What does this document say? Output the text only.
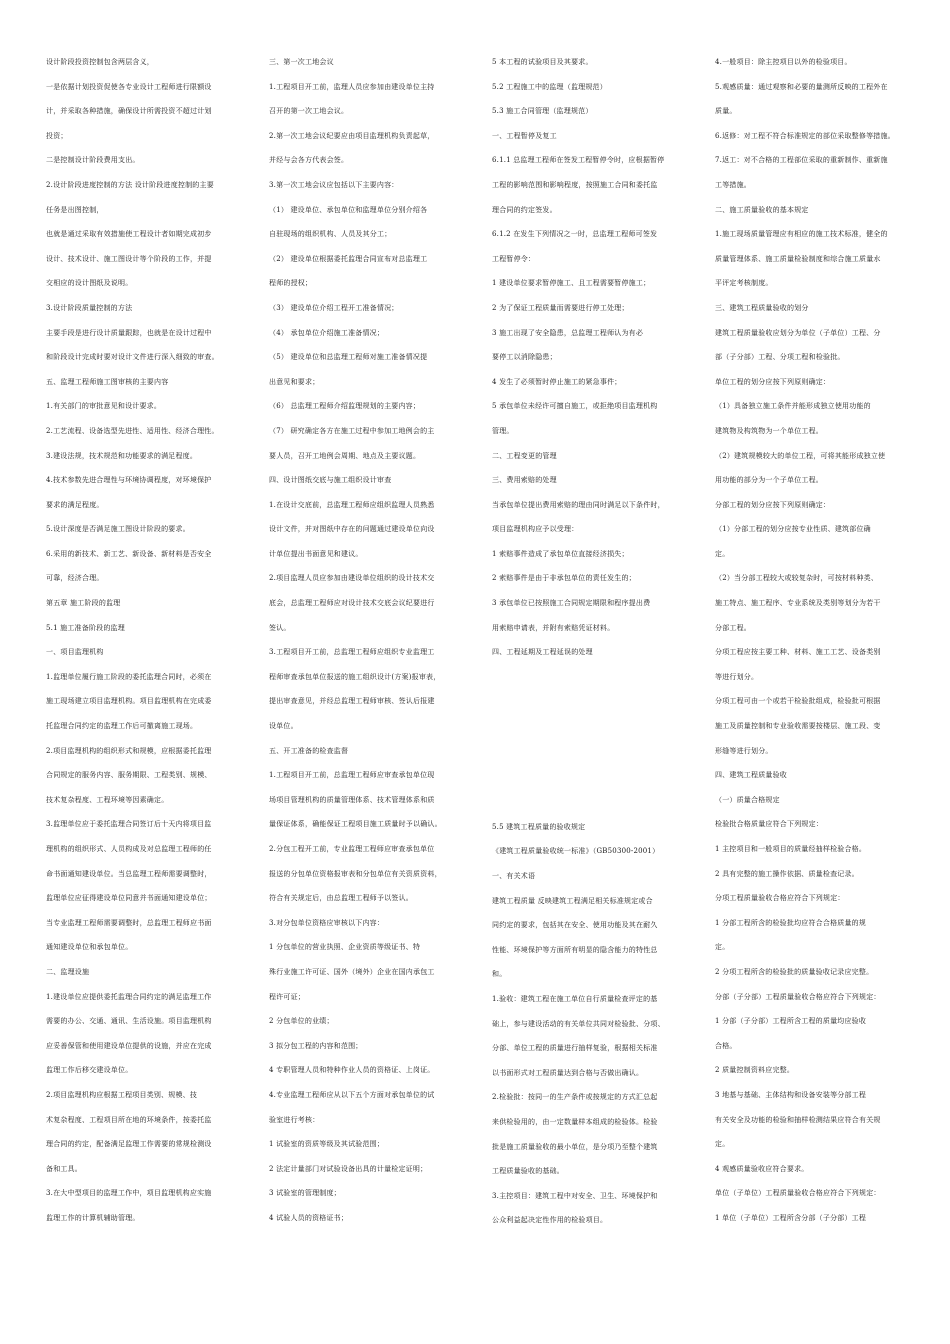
设计阶段投资控制包含两层含义，
一是依据计划投资促使各专业设计工程师进行限额设
计，并采取各种措施，确保设计所需投资不超过计划
投资；
二是控制设计阶段费用支出。
2.设计阶段进度控制的方法 设计阶段进度控制的主要
任务是出图控制，
也就是通过采取有效措施使工程设计者如期完成初步
设计、技术设计、施工图设计等个阶段的工作，并提
交相应的设计图纸及说明。
3.设计阶段质量控制的方法
主要手段是进行设计质量跟踪，也就是在设计过程中
和阶段设计完成时要对设计文件进行深入细致的审查。
五、监理工程师施工图审核的主要内容
1.有关部门的审批意见和设计要求。
2.工艺流程、设备选型先进性、适用性、经济合理性。
3.建设法规，技术规范和功能要求的满足程度。
4.技术参数先进合理性与环境协调程度，对环境保护
要求的满足程度。
5.设计深度是否满足施工图设计阶段的要求。
6.采用的新技术、新工艺、新设备、新材料是否安全
可靠，经济合理。
第五章 施工阶段的监理
5.1 施工准备阶段的监理
一、项目监理机构
1.监理单位履行施工阶段的委托监理合同时，必须在
施工现场建立项目监理机构。项目监理机构在完成委
托监理合同约定的监理工作后可撤离施工现场。
2.项目监理机构的组织形式和规模，应根据委托监理
合同规定的服务内容、服务期限、工程类别、规模、
技术复杂程度、工程环境等因素确定。
3.监理单位应于委托监理合同签订后十天内将项目监
理机构的组织形式、人员构成及对总监理工程师的任
命书面通知建设单位。当总监理工程师需要调整时，
监理单位应征得建设单位同意并书面通知建设单位；
当专业监理工程师需要调整时，总监理工程师应书面
通知建设单位和承包单位。
二、监理设施
1.建设单位应提供委托监理合同约定的满足监理工作
需要的办公、交通、通讯、生活设施。项目监理机构
应妥善保管和使用建设单位提供的设施，并应在完成
监理工作后移交建设单位。
2.项目监理机构应根据工程项目类别、规模、技
术复杂程度、工程项目所在地的环境条件，按委托监
理合同的约定，配备满足监理工作需要的常规检测设
备和工具。
3.在大中型项目的监理工作中，项目监理机构应实施
监理工作的计算机辅助管理。
三、第一次工地会议
1.工程项目开工前，监理人员应参加由建设单位主持
召开的第一次工地会议。
2.第一次工地会议纪要应由项目监理机构负责起草，
并经与会各方代表会签。
3.第一次工地会议应包括以下主要内容：
（1） 建设单位、承包单位和监理单位分别介绍各
自驻现场的组织机构、人员及其分工；
（2） 建设单位根据委托监理合同宣布对总监理工
程师的授权；
（3） 建设单位介绍工程开工准备情况；
（4） 承包单位介绍施工准备情况；
（5） 建设单位和总监理工程师对施工准备情况提
出意见和要求；
（6） 总监理工程师介绍监理规划的主要内容；
（7） 研究确定各方在施工过程中参加工地例会的主
要人员，召开工地例会周期、地点及主要议题。
四、设计图纸交底与施工组织设计审查
1.在设计交底前，总监理工程师应组织监理人员熟悉
设计文件，并对图纸中存在的问题通过建设单位向设
计单位提出书面意见和建议。
2.项目监理人员应参加由建设单位组织的设计技术交
底会，总监理工程师应对设计技术交底会议纪要进行
签认。
3.工程项目开工前，总监理工程师应组织专业监理工
程师审查承包单位报送的施工组织设计(方案)报审表，
提出审查意见，并经总监理工程师审核、签认后报建
设单位。
五、开工准备的检查监督
1.工程项目开工前，总监理工程师应审查承包单位现
场项目管理机构的质量管理体系、技术管理体系和质
量保证体系，确能保证工程项目施工质量时予以确认。
2.分包工程开工前，专业监理工程师应审查承包单位
报送的分包单位资格报审表和分包单位有关资质资料，
符合有关规定后，由总监理工程师予以签认。
3.对分包单位资格应审核以下内容：
1 分包单位的营业执照、企业资质等级证书、特
殊行业施工许可证、国外（境外）企业在国内承包工
程许可证；
2 分包单位的业绩；
3 拟分包工程的内容和范围；
4 专职管理人员和特种作业人员的资格证、上岗证。
4.专业监理工程师应从以下五个方面对承包单位的试
验室进行考核：
1 试验室的资质等级及其试验范围；
2 法定计量部门对试验设备出具的计量检定证明；
3 试验室的管理制度；
4 试验人员的资格证书；
5 本工程的试验项目及其要求。
5.2 工程施工中的监理（监理规范）
5.3 施工合同管理（监理规范）
一、工程暂停及复工
6.1.1 总监理工程师在签发工程暂停令时，应根据暂停
工程的影响范围和影响程度，按照施工合同和委托监
理合同的约定签发。
6.1.2 在发生下列情况之一时，总监理工程师可签发
工程暂停令：
1 建设单位要求暂停施工、且工程需要暂停施工；
2 为了保证工程质量而需要进行停工处理；
3 施工出现了安全隐患，总监理工程师认为有必
要停工以消除隐患；
4 发生了必须暂时停止施工的紧急事件；
5 承包单位未经许可擅自施工，或拒绝项目监理机构
管理。
二、工程变更的管理
三、费用索赔的处理
当承包单位提出费用索赔的理由同时满足以下条件时，
项目监理机构应予以受理：
1 索赔事件造成了承包单位直接经济损失；
2 索赔事件是由于非承包单位的责任发生的；
3 承包单位已按照施工合同规定期限和程序提出费
用索赔申请表，并附有索赔凭证材料。
四、工程延期及工程延误的处理
5.5 建筑工程质量的验收规定
《建筑工程质量验收统一标准》（GB50300-2001）
一、有关术语
建筑工程质量 反映建筑工程满足相关标准规定或合
同约定的要求，包括其在安全、使用功能及其在耐久
性能、环境保护等方面所有明显的隐含能力的特性总
和。
1.验收：建筑工程在施工单位自行质量检查评定的基
础上，参与建设活动的有关单位共同对检验批、分项、
分部、单位工程的质量进行抽样复验，根据相关标准
以书面形式对工程质量达到合格与否做出确认。
2.检验批：按同一的生产条件或按规定的方式汇总起
来供检验用的，由一定数量样本组成的检验体。检验
批是施工质量验收的最小单位，是分项乃至整个建筑
工程质量验收的基础。
3.主控项目：建筑工程中对安全、卫生、环境保护和
公众利益起决定性作用的检验项目。
4.一般项目：除主控项目以外的检验项目。
5.观感质量：通过观察和必要的量测所反映的工程外在
质量。
6.返修：对工程不符合标准规定的部位采取整修等措施。
7.返工：对不合格的工程部位采取的重新制作、重新施
工等措施。
二、施工质量验收的基本规定
1.施工现场质量管理应有相应的施工技术标准，健全的
质量管理体系、施工质量检验制度和综合施工质量水
平评定考核制度。
三、建筑工程质量验收的划分
建筑工程质量验收应划分为单位（子单位）工程、分
部（子分部）工程、分项工程和检验批。
单位工程的划分应按下列原则确定：
（1）具备独立施工条件并能形成独立使用功能的
建筑物及构筑物为一个单位工程。
（2）建筑规模较大的单位工程，可将其能形成独立使
用功能的部分为一个子单位工程。
分部工程的划分应按下列原则确定：
（1）分部工程的划分应按专业性质、建筑部位确
定。
（2）当分部工程较大或较复杂时，可按材料种类、
施工特点、施工程序、专业系统及类别等划分为若干
分部工程。
分项工程应按主要工种、材料、施工工艺、设备类别
等进行划分。
分项工程可由一个或若干检验批组成，检验批可根据
施工及质量控制和专业验收需要按楼层、施工段、变
形缝等进行划分。
四、建筑工程质量验收
（一）质量合格规定
检验批合格质量应符合下列规定：
1 主控项目和一般项目的质量经抽样检验合格。
2 具有完整的施工操作依据、质量检查记录。
分项工程质量验收合格应符合下列规定：
1 分部工程所含的检验批均应符合合格质量的规
定。
2 分项工程所含的检验批的质量验收记录应完整。
分部（子分部）工程质量验收合格应符合下列规定：
1 分部（子分部）工程所含工程的质量均应验收
合格。
2 质量控制资料应完整。
3 地基与基础、主体结构和设备安装等分部工程
有关安全及功能的检验和抽样检测结果应符合有关规
定。
4 观感质量验收应符合要求。
单位（子单位）工程质量验收合格应符合下列规定：
1 单位（子单位）工程所含分部（子分部）工程
